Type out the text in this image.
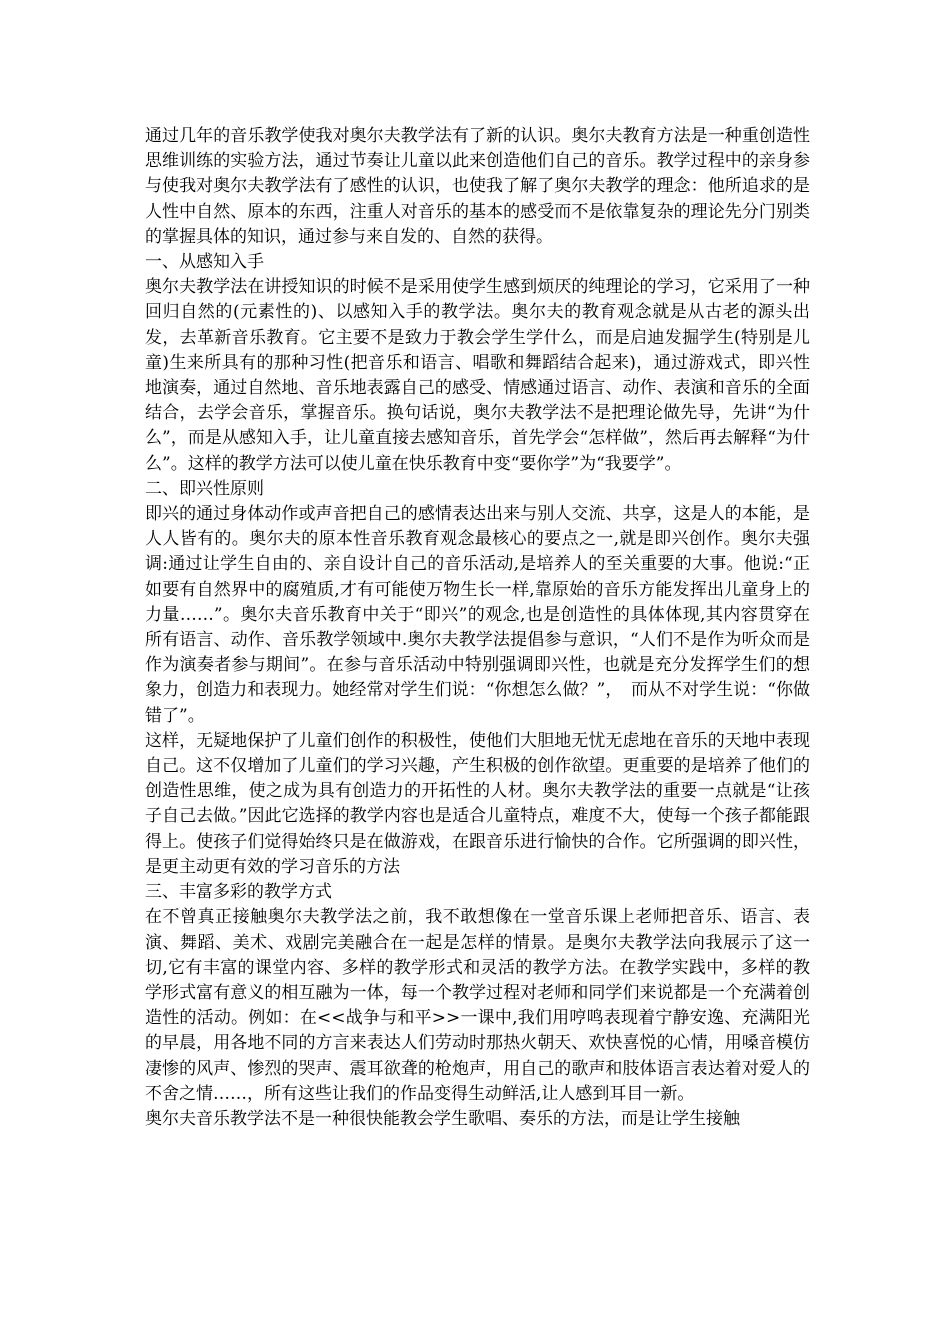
通过几年的音乐教学使我对奥尔夫教学法有了新的认识。奥尔夫教育方法是一种重创造性思维训练的实验方法，通过节奏让儿童以此来创造他们自己的音乐。教学过程中的亲身参与使我对奥尔夫教学法有了感性的认识，也使我了解了奥尔夫教学的理念：他所追求的是人性中自然、原本的东西，注重人对音乐的基本的感受而不是依靠复杂的理论先分门别类的掌握具体的知识，通过参与来自发的、自然的获得。

一、从感知入手

奥尔夫教学法在讲授知识的时候不是采用使学生感到烦厌的纯理论的学习，它采用了一种回归自然的(元素性的)、以感知入手的教学法。奥尔夫的教育观念就是从古老的源头出发，去革新音乐教育。它主要不是致力于教会学生学什么，而是启迪发掘学生(特别是儿童)生来所具有的那种习性(把音乐和语言、唱歌和舞蹈结合起来)，通过游戏式，即兴性地演奏，通过自然地、音乐地表露自己的感受、情感通过语言、动作、表演和音乐的全面结合，去学会音乐，掌握音乐。换句话说，奥尔夫教学法不是把理论做先导，先讲“为什么”，而是从感知入手，让儿童直接去感知音乐，首先学会“怎样做”，然后再去解释“为什么”。这样的教学方法可以使儿童在快乐教育中变“要你学”为“我要学”。

二、即兴性原则

即兴的通过身体动作或声音把自己的感情表达出来与别人交流、共享，这是人的本能，是人人皆有的。奥尔夫的原本性音乐教育观念最核心的要点之一,就是即兴创作。奥尔夫强调:通过让学生自由的、亲自设计自己的音乐活动,是培养人的至关重要的大事。他说:“正如要有自然界中的腐殖质,才有可能使万物生长一样,靠原始的音乐方能发挥出儿童身上的力量……”。奥尔夫音乐教育中关于“即兴”的观念,也是创造性的具体体现,其内容贯穿在所有语言、动作、音乐教学领域中.奥尔夫教学法提倡参与意识，“人们不是作为听众而是作为演奏者参与期间”。在参与音乐活动中特别强调即兴性，也就是充分发挥学生们的想象力，创造力和表现力。她经常对学生们说：“你想怎么做？”，　而从不对学生说：“你做错了”。

这样，无疑地保护了儿童们创作的积极性，使他们大胆地无忧无虑地在音乐的天地中表现自己。这不仅增加了儿童们的学习兴趣，产生积极的创作欲望。更重要的是培养了他们的创造性思维，使之成为具有创造力的开拓性的人材。奥尔夫教学法的重要一点就是“让孩子自己去做。”因此它选择的教学内容也是适合儿童特点，难度不大，使每一个孩子都能跟得上。使孩子们觉得始终只是在做游戏，在跟音乐进行愉快的合作。它所强调的即兴性，是更主动更有效的学习音乐的方法

三、丰富多彩的教学方式

在不曾真正接触奥尔夫教学法之前，我不敢想像在一堂音乐课上老师把音乐、语言、表演、舞蹈、美术、戏剧完美融合在一起是怎样的情景。是奥尔夫教学法向我展示了这一切,它有丰富的课堂内容、多样的教学形式和灵活的教学方法。在教学实践中，多样的教学形式富有意义的相互融为一体，每一个教学过程对老师和同学们来说都是一个充满着创造性的活动。例如：在<<战争与和平>>一课中,我们用哼鸣表现着宁静安逸、充满阳光的早晨，用各地不同的方言来表达人们劳动时那热火朝天、欢快喜悦的心情，用嗓音模仿凄惨的风声、惨烈的哭声、震耳欲聋的枪炮声，用自己的歌声和肢体语言表达着对爱人的不舍之情……，所有这些让我们的作品变得生动鲜活,让人感到耳目一新。

奥尔夫音乐教学法不是一种很快能教会学生歌唱、奏乐的方法，而是让学生接触
